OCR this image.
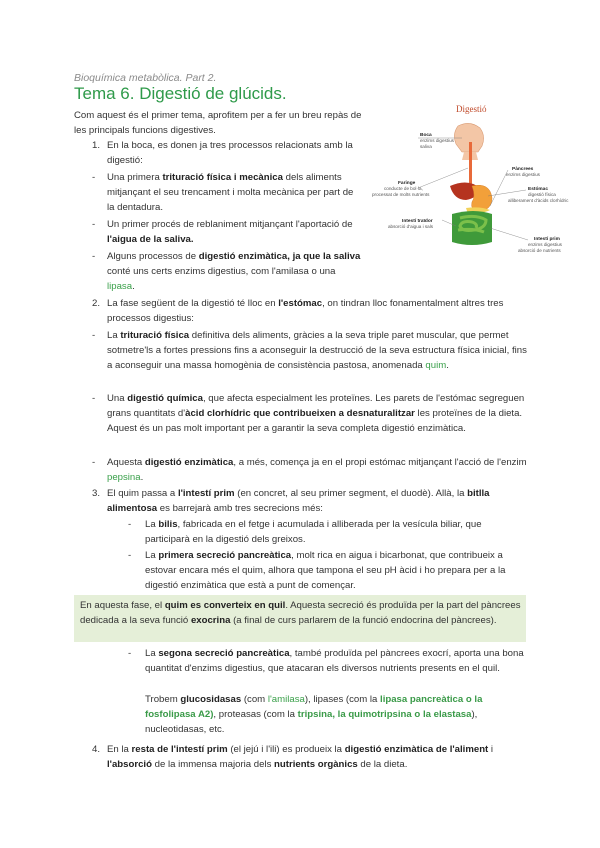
Bioquímica metabòlica. Part 2.
Tema 6. Digestió de glúcids.
Com aquest és el primer tema, aprofitem per a fer un breu repàs de les principals funcions digestives.
Digestió
Boca
enzims digestius
saliva
Faringe
conducte de bol·la,
processat de molts nutrients
Pàncrees
enzims digestius
Estómac
digestió física
alliberament d'àcids clorhídric
Intestí traïdor
absorció d'aigua i sals
Intestí prim
enzims digestius
absorció de nutrients
1. En la boca, es donen ja tres processos relacionats amb la digestió:
- Una primera trituració física i mecànica dels aliments mitjançant el seu trencament i molta mecànica per part de la dentadura.
- Un primer procés de reblaniment mitjançant l'aportació de l'aigua de la saliva.
- Alguns processos de digestió enzimàtica, ja que la saliva conté uns certs enzims digestius, com l'amilasa o una lipasa.
2. La fase següent de la digestió té lloc en l'estómac, on tindran lloc fonamentalment altres tres processos digestius:
- La trituració física definitiva dels aliments, gràcies a la seva triple paret muscular, que permet sotmetre'ls a fortes pressions fins a aconseguir la destrucció de la seva estructura física inicial, fins a aconseguir una massa homogènia de consistència pastosa, anomenada quim.
- Una digestió química, que afecta especialment les proteïnes. Les parets de l'estómac segreguen grans quantitats d'àcid clorhídric que contribueixen a desnaturalitzar les proteïnes de la dieta. Aquest és un pas molt important per a garantir la seva completa digestió enzimàtica.
- Aquesta digestió enzimàtica, a més, comença ja en el propi estómac mitjançant l'acció de l'enzim pepsina.
3. El quim passa a l'intestí prim (en concret, al seu primer segment, el duodè). Allà, la bitlla alimentosa es barrejarà amb tres secrecions més:
- La bilis, fabricada en el fetge i acumulada i alliberada per la vesícula biliar, que participarà en la digestió dels greixos.
- La primera secreció pancreàtica, molt rica en aigua i bicarbonat, que contribueix a estovar encara més el quim, alhora que tampona el seu pH àcid i ho prepara per a la digestió enzimàtica que està a punt de començar.
En aquesta fase, el quim es converteix en quil. Aquesta secreció és produïda per la part del pàncrees dedicada a la seva funció exocrina (a final de curs parlarem de la funció endocrina del pàncrees).
- La segona secreció pancreàtica, també produïda pel pàncrees exocrí, aporta una bona quantitat d'enzims digestius, que atacaran els diversos nutrients presents en el quil.
Trobem glucosidasas (com l'amilasa), lipases (com la lipasa pancreàtica o la fosfolipasa A2), proteasas (com la tripsina, la quimotripsina o la elastasa), nucleotidasas, etc.
4. En la resta de l'intestí prim (el jejú i l'ili) es produeix la digestió enzimàtica de l'aliment i l'absorció de la immensa majoria dels nutrients orgànics de la dieta.
